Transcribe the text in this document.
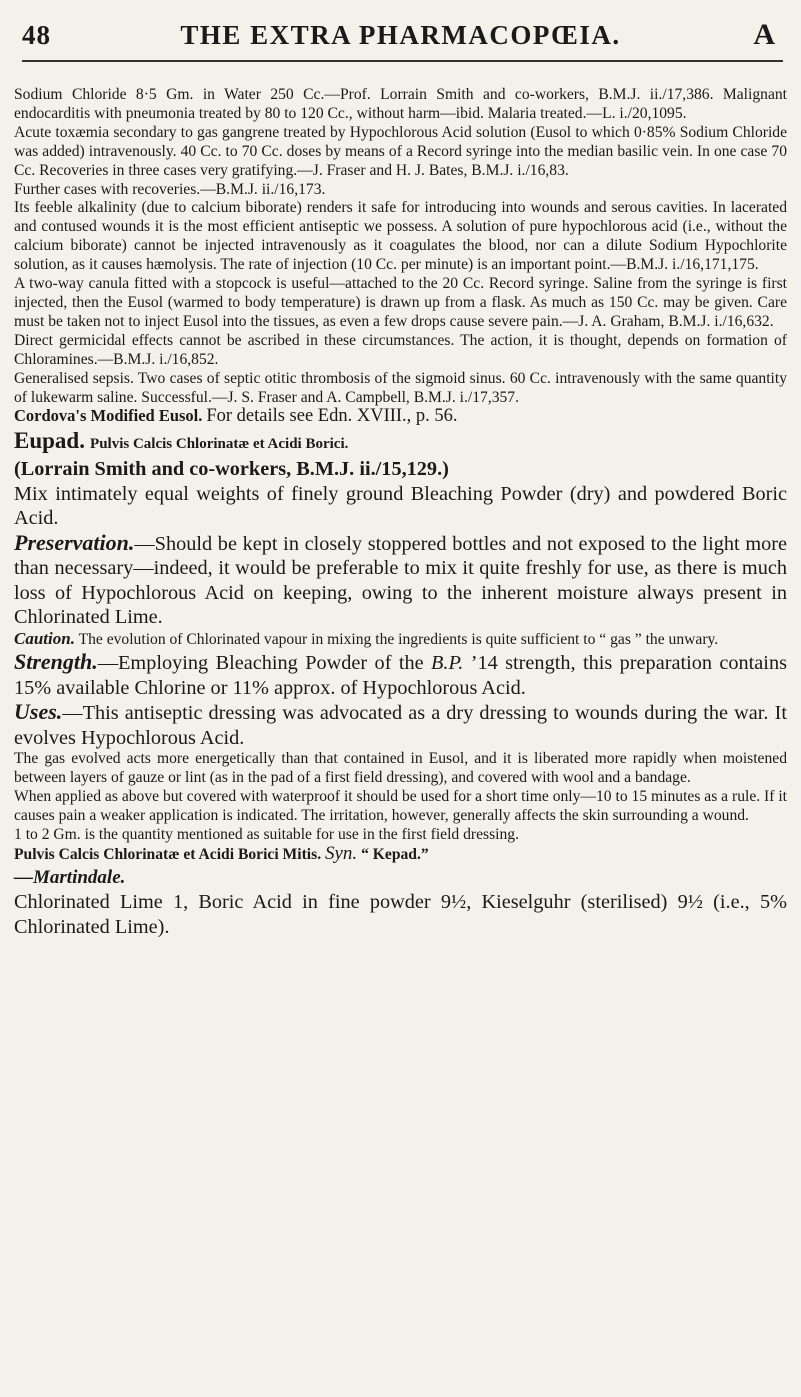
48	THE EXTRA PHARMACOPŒIA.	A

Sodium Chloride 8·5 Gm. in Water 250 Cc.—Prof. Lorrain Smith and co-workers, B.M.J. ii./17,386. Malignant endocarditis with pneumonia treated by 80 to 120 Cc., without harm—ibid. Malaria treated.—L. i./20,1095.

Acute toxæmia secondary to gas gangrene treated by Hypochlorous Acid solution (Eusol to which 0·85% Sodium Chloride was added) intravenously. 40 Cc. to 70 Cc. doses by means of a Record syringe into the median basilic vein. In one case 70 Cc. Recoveries in three cases very gratifying.—J. Fraser and H. J. Bates, B.M.J. i./16,83.

Further cases with recoveries.—B.M.J. ii./16,173.

Its feeble alkalinity (due to calcium biborate) renders it safe for introducing into wounds and serous cavities. In lacerated and contused wounds it is the most efficient antiseptic we possess. A solution of pure hypochlorous acid (i.e., without the calcium biborate) cannot be injected intravenously as it coagulates the blood, nor can a dilute Sodium Hypochlorite solution, as it causes hæmolysis. The rate of injection (10 Cc. per minute) is an important point.—B.M.J. i./16,171,175.

A two-way canula fitted with a stopcock is useful—attached to the 20 Cc. Record syringe. Saline from the syringe is first injected, then the Eusol (warmed to body temperature) is drawn up from a flask. As much as 150 Cc. may be given. Care must be taken not to inject Eusol into the tissues, as even a few drops cause severe pain.—J. A. Graham, B.M.J. i./16,632.

Direct germicidal effects cannot be ascribed in these circumstances. The action, it is thought, depends on formation of Chloramines.—B.M.J. i./16,852.

Generalised sepsis. Two cases of septic otitic thrombosis of the sigmoid sinus. 60 Cc. intravenously with the same quantity of lukewarm saline. Successful.—J. S. Fraser and A. Campbell, B.M.J. i./17,357.

Cordova's Modified Eusol. For details see Edn. XVIII., p. 56.

Eupad. Pulvis Calcis Chlorinatæ et Acidi Borici.

(Lorrain Smith and co-workers, B.M.J. ii./15,129.)

Mix intimately equal weights of finely ground Bleaching Powder (dry) and powdered Boric Acid.

Preservation.—Should be kept in closely stoppered bottles and not exposed to the light more than necessary—indeed, it would be preferable to mix it quite freshly for use, as there is much loss of Hypochlorous Acid on keeping, owing to the inherent moisture always present in Chlorinated Lime.

Caution. The evolution of Chlorinated vapour in mixing the ingredients is quite sufficient to “ gas ” the unwary.

Strength.—Employing Bleaching Powder of the B.P. ’14 strength, this preparation contains 15% available Chlorine or 11% approx. of Hypochlorous Acid.

Uses.—This antiseptic dressing was advocated as a dry dressing to wounds during the war. It evolves Hypochlorous Acid.

The gas evolved acts more energetically than that contained in Eusol, and it is liberated more rapidly when moistened between layers of gauze or lint (as in the pad of a first field dressing), and covered with wool and a bandage.

When applied as above but covered with waterproof it should be used for a short time only—10 to 15 minutes as a rule. If it causes pain a weaker application is indicated. The irritation, however, generally affects the skin surrounding a wound.

1 to 2 Gm. is the quantity mentioned as suitable for use in the first field dressing.

Pulvis Calcis Chlorinatæ et Acidi Borici Mitis. Syn. “ Kepad.”

—Martindale.

Chlorinated Lime 1, Boric Acid in fine powder 9½, Kieselguhr (sterilised) 9½ (i.e., 5% Chlorinated Lime).
